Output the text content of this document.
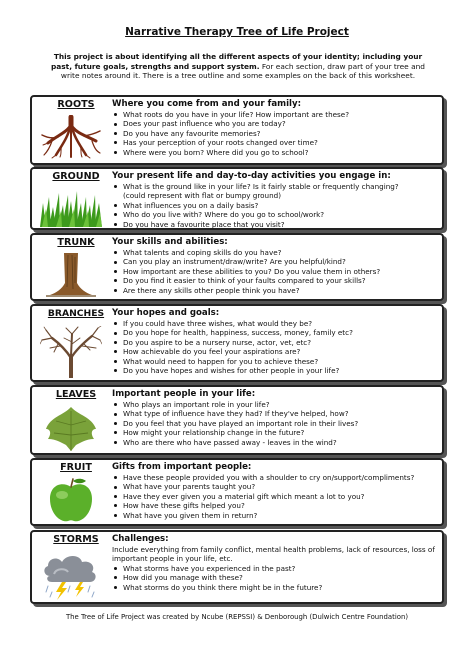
Narrative Therapy Tree of Life Project
This project is about identifying all the different aspects of your identity; including your past, future goals, strengths and support system. For each section, draw part of your tree and write notes around it. There is a tree outline and some examples on the back of this worksheet.
ROOTS	Where you come from and your family:
What roots do you have in your life? How important are these?
Does your past influence who you are today?
Do you have any favourite memories?
Has your perception of your roots changed over time?
Where were you born? Where did you go to school?
GROUND	Your present life and day-to-day activities you engage in:
What is the ground like in your life? Is it fairly stable or frequently changing?
(could represent with flat or bumpy ground)
What influences you on a daily basis?
Who do you live with? Where do you go to school/work?
Do you have a favourite place that you visit?
TRUNK	Your skills and abilities:
What talents and coping skills do you have?
Can you play an instrument/draw/write? Are you helpful/kind?
How important are these abilities to you? Do you value them in others?
Do you find it easier to think of your faults compared to your skills?
Are there any skills other people think you have?
BRANCHES Your hopes and goals:
If you could have three wishes, what would they be?
Do you hope for health, happiness, success, money, family etc?
Do you aspire to be a nursery nurse, actor, vet, etc?
How achievable do you feel your aspirations are?
What would need to happen for you to achieve these?
Do you have hopes and wishes for other people in your life?
LEAVES	Important people in your life:
Who plays an important role in your life?
What type of influence have they had? If they've helped, how?
Do you feel that you have played an important role in their lives?
How might your relationship change in the future?
Who are there who have passed away - leaves in the wind?
FRUIT	Gifts from important people:
Have these people provided you with a shoulder to cry on/support/compliments?
What have your parents taught you?
Have they ever given you a material gift which meant a lot to you?
How have these gifts helped you?
What have you given them in return?
STORMS	Challenges:
Include everything from family conflict, mental health problems, lack of resources, loss of important people in your life, etc.
What storms have you experienced in the past?
How did you manage with these?
What storms do you think there might be in the future?
The Tree of Life Project was created by Ncube (REPSSI) & Denborough (Dulwich Centre Foundation)
